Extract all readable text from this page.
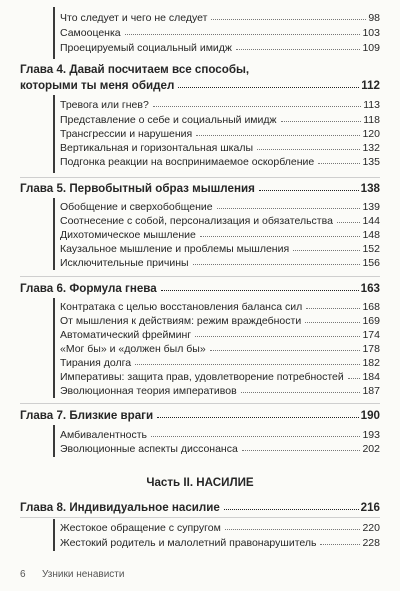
Что следует и чего не следует	98
Самооценка	103
Проецируемый социальный имидж	109
Глава 4. Давай посчитаем все способы,
которыми ты меня обидел	112
Тревога или гнев?	113
Представление о себе и социальный имидж	118
Трансгрессии и нарушения	120
Вертикальная и горизонтальная шкалы	132
Подгонка реакции на воспринимаемое оскорбление	135
Глава 5. Первобытный образ мышления	138
Обобщение и сверхобобщение	139
Соотнесение с собой, персонализация и обязательства	144
Дихотомическое мышление	148
Каузальное мышление и проблемы мышления	152
Исключительные причины	156
Глава 6. Формула гнева	163
Контратака с целью восстановления баланса сил	168
От мышления к действиям: режим враждебности	169
Автоматический фрейминг	174
«Мог бы» и «должен был бы»	178
Тирания долга	182
Императивы: защита прав, удовлетворение потребностей 184
Эволюционная теория императивов	187
Глава 7. Близкие враги	190
Амбивалентность	193
Эволюционные аспекты диссонанса	202
Часть II. НАСИЛИЕ
Глава 8. Индивидуальное насилие	216
Жестокое обращение с супругом	220
Жестокий родитель и малолетний правонарушитель	228
6 Узники ненависти
